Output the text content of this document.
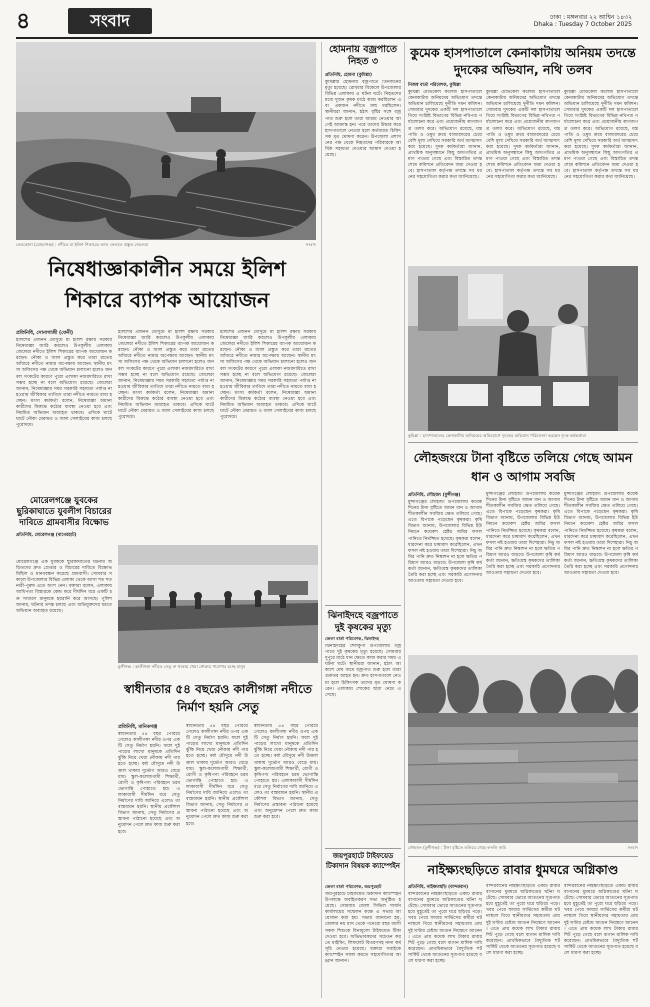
৪	সংবাদ	ঢাকা : মঙ্গলবার ২২ আশ্বিন ১৪৩২
Dhaka : Tuesday 7 October 2025
নেত্রকোনা (মোহনগঞ্জ) : নদীতে মা ইলিশ শিকারের জাল ফেলতে প্রস্তুত জেলেরা	সংবাদ
নিষেধাজ্ঞাকালীন সময়ে ইলিশ শিকারে ব্যাপক আয়োজন
প্রতিনিধি, সোনাগাজী (ফেনী)
ইলিশের প্রজনন মৌসুমে মা ইলিশ রক্ষায় সরকার নিষেধাজ্ঞা জারি করলেও উপকূলীয় এলাকায় জেলেরা নদীতে ইলিশ শিকারের ব্যাপক আয়োজন করছেন। নৌকা ও জাল প্রস্তুত করে তারা রাতের আঁধারে নদীতে নামার অপেক্ষায় আছেন। স্থানীয় মৎস্য অফিসের পক্ষ থেকে অভিযান চালানো হলেও জনবল সংকটের কারণে পুরো এলাকা নজরদারিতে রাখা সম্ভব হচ্ছে না বলে অভিযোগ রয়েছে। জেলেরা জানান, নিষেধাজ্ঞার সময় সরকারি সহায়তা পর্যাপ্ত না হওয়ায় জীবিকার তাগিদে তারা নদীতে নামতে বাধ্য হচ্ছেন। মৎস্য কর্মকর্তা বলেন, নিষেধাজ্ঞা অমান্যকারীদের বিরুদ্ধে কঠোর ব্যবস্থা নেওয়া হবে এবং নিয়মিত অভিযান অব্যাহত থাকবে। এদিকে ঘাটে ঘাটে নৌকা মেরামত ও জাল সেলাইয়ের কাজ চলছে পুরোদমে।
ইলিশের প্রজনন মৌসুমে মা ইলিশ রক্ষায় সরকার নিষেধাজ্ঞা জারি করলেও উপকূলীয় এলাকায় জেলেরা নদীতে ইলিশ শিকারের ব্যাপক আয়োজন করছেন। নৌকা ও জাল প্রস্তুত করে তারা রাতের আঁধারে নদীতে নামার অপেক্ষায় আছেন। স্থানীয় মৎস্য অফিসের পক্ষ থেকে অভিযান চালানো হলেও জনবল সংকটের কারণে পুরো এলাকা নজরদারিতে রাখা সম্ভব হচ্ছে না বলে অভিযোগ রয়েছে। জেলেরা জানান, নিষেধাজ্ঞার সময় সরকারি সহায়তা পর্যাপ্ত না হওয়ায় জীবিকার তাগিদে তারা নদীতে নামতে বাধ্য হচ্ছেন। মৎস্য কর্মকর্তা বলেন, নিষেধাজ্ঞা অমান্যকারীদের বিরুদ্ধে কঠোর ব্যবস্থা নেওয়া হবে এবং নিয়মিত অভিযান অব্যাহত থাকবে। এদিকে ঘাটে ঘাটে নৌকা মেরামত ও জাল সেলাইয়ের কাজ চলছে পুরোদমে।
ইলিশের প্রজনন মৌসুমে মা ইলিশ রক্ষায় সরকার নিষেধাজ্ঞা জারি করলেও উপকূলীয় এলাকায় জেলেরা নদীতে ইলিশ শিকারের ব্যাপক আয়োজন করছেন। নৌকা ও জাল প্রস্তুত করে তারা রাতের আঁধারে নদীতে নামার অপেক্ষায় আছেন। স্থানীয় মৎস্য অফিসের পক্ষ থেকে অভিযান চালানো হলেও জনবল সংকটের কারণে পুরো এলাকা নজরদারিতে রাখা সম্ভব হচ্ছে না বলে অভিযোগ রয়েছে। জেলেরা জানান, নিষেধাজ্ঞার সময় সরকারি সহায়তা পর্যাপ্ত না হওয়ায় জীবিকার তাগিদে তারা নদীতে নামতে বাধ্য হচ্ছেন। মৎস্য কর্মকর্তা বলেন, নিষেধাজ্ঞা অমান্যকারীদের বিরুদ্ধে কঠোর ব্যবস্থা নেওয়া হবে এবং নিয়মিত অভিযান অব্যাহত থাকবে। এদিকে ঘাটে ঘাটে নৌকা মেরামত ও জাল সেলাইয়ের কাজ চলছে পুরোদমে।
মোরেলগঞ্জে যুবকের ছুরিকাঘাতে যুবলীগ বিচারের দাবিতে গ্রামবাসীর বিক্ষোভ
প্রতিনিধি, মোরেলগঞ্জ (বাগেরহাট)
মোরেলগঞ্জে এক যুবককে ছুরিকাঘাতের ঘটনায় জড়িতদের দ্রুত গ্রেপ্তার ও বিচারের দাবিতে বিক্ষোভ মিছিল ও মানববন্ধন করেছে গ্রামবাসী। সোমবার সকালে উপজেলার বিভিন্ন এলাকা থেকে আসা শত শত নারী-পুরুষ এতে অংশ নেন। বক্তারা বলেন, এলাকায় আধিপত্য বিস্তারকে কেন্দ্র করে দীর্ঘদিন ধরে একটি চক্র সাধারণ মানুষকে হয়রানি করে আসছে। পুলিশ জানায়, ঘটনার তদন্ত চলছে এবং অভিযুক্তদের ধরতে অভিযান অব্যাহত রয়েছে।
মুন্সীগঞ্জ : কালীগঙ্গা নদীতে সেতু না থাকায় খেয়া নৌকায় পারাপার হচ্ছে মানুষ
স্বাধীনতার ৫৪ বছরেও কালীগঙ্গা নদীতে নির্মাণ হয়নি সেতু
প্রতিনিধি, মানিকগঞ্জ
স্বাধীনতার ৫৪ বছর পেরিয়ে গেলেও কালীগঙ্গা নদীর ওপর একটি সেতু নির্মাণ হয়নি। ফলে দুই পাড়ের লাখো মানুষকে প্রতিদিন ঝুঁকি নিয়ে খেয়া নৌকায় নদী পার হতে হচ্ছে। বর্ষা মৌসুমে নদী উত্তাল থাকায় দুর্ভোগ আরও বেড়ে যায়। স্কুল-কলেজগামী শিক্ষার্থী, রোগী ও কৃষিপণ্য পরিবহনে চরম ভোগান্তি পোহাতে হয়। এলাকাবাসী দীর্ঘদিন ধরে সেতু নির্মাণের দাবি জানিয়ে এলেও তা বাস্তবায়ন হয়নি। স্থানীয় প্রকৌশল বিভাগ জানায়, সেতু নির্মাণের প্রস্তাবনা পাঠানো হয়েছে এবং অনুমোদন পেলে দ্রুত কাজ শুরু করা হবে।
স্বাধীনতার ৫৪ বছর পেরিয়ে গেলেও কালীগঙ্গা নদীর ওপর একটি সেতু নির্মাণ হয়নি। ফলে দুই পাড়ের লাখো মানুষকে প্রতিদিন ঝুঁকি নিয়ে খেয়া নৌকায় নদী পার হতে হচ্ছে। বর্ষা মৌসুমে নদী উত্তাল থাকায় দুর্ভোগ আরও বেড়ে যায়। স্কুল-কলেজগামী শিক্ষার্থী, রোগী ও কৃষিপণ্য পরিবহনে চরম ভোগান্তি পোহাতে হয়। এলাকাবাসী দীর্ঘদিন ধরে সেতু নির্মাণের দাবি জানিয়ে এলেও তা বাস্তবায়ন হয়নি। স্থানীয় প্রকৌশল বিভাগ জানায়, সেতু নির্মাণের প্রস্তাবনা পাঠানো হয়েছে এবং অনুমোদন পেলে দ্রুত কাজ শুরু করা হবে।
স্বাধীনতার ৫৪ বছর পেরিয়ে গেলেও কালীগঙ্গা নদীর ওপর একটি সেতু নির্মাণ হয়নি। ফলে দুই পাড়ের লাখো মানুষকে প্রতিদিন ঝুঁকি নিয়ে খেয়া নৌকায় নদী পার হতে হচ্ছে। বর্ষা মৌসুমে নদী উত্তাল থাকায় দুর্ভোগ আরও বেড়ে যায়। স্কুল-কলেজগামী শিক্ষার্থী, রোগী ও কৃষিপণ্য পরিবহনে চরম ভোগান্তি পোহাতে হয়। এলাকাবাসী দীর্ঘদিন ধরে সেতু নির্মাণের দাবি জানিয়ে এলেও তা বাস্তবায়ন হয়নি। স্থানীয় প্রকৌশল বিভাগ জানায়, সেতু নির্মাণের প্রস্তাবনা পাঠানো হয়েছে এবং অনুমোদন পেলে দ্রুত কাজ শুরু করা হবে।
হোমনায় বজ্রপাতে নিহত ৩
প্রতিনিধি, হোমনা (কুমিল্লা)
কুমিল্লার হোমনায় বজ্রপাতে তিনজনের মৃত্যু হয়েছে। রোববার বিকেলে উপজেলার বিভিন্ন এলাকায় এ ঘটনা ঘটে। নিহতদের মধ্যে দুজন কৃষক মাঠে কাজ করছিলেন এবং একজন নদীতে মাছ ধরছিলেন। স্থানীয়রা জানান, হঠাৎ বৃষ্টির সঙ্গে বজ্রপাত শুরু হলে তারা আশ্রয় নেওয়ার আগেই আক্রান্ত হন। পরে তাদের উদ্ধার করে হাসপাতালে নেওয়া হলে কর্তব্যরত চিকিৎসক মৃত ঘোষণা করেন। উপজেলা প্রশাসনের পক্ষ থেকে নিহতদের পরিবারকে আর্থিক সহায়তা দেওয়ার আশ্বাস দেওয়া হয়েছে।
ঝিনাইদহে বজ্রপাতে দুই কৃষকের মৃত্যু
জেলা বার্তা পরিবেশক, ঝিনাইদহ
ঝিনাইদহের শৈলকুপা উপজেলায় বজ্রপাতে দুই কৃষকের মৃত্যু হয়েছে। সোমবার দুপুরে মাঠে ধান ক্ষেতে কাজ করার সময় এ ঘটনা ঘটে। স্থানীয়রা জানান, হঠাৎ আকাশে মেঘ জমে বজ্রপাত শুরু হলে তারা গুরুতর আহত হন। দ্রুত হাসপাতালে নেওয়া হলে চিকিৎসক তাদের মৃত ঘোষণা করেন। এলাকায় শোকের ছায়া নেমে এসেছে।
জয়পুরহাটে টাইফয়েড টিকাদান বিষয়ক ক্যাম্পেইন
জেলা বার্তা পরিবেশক, জয়পুরহাট
জয়পুরহাটে টাইফয়েড টিকাদান ক্যাম্পেইন উপলক্ষে অবহিতকরণ সভা অনুষ্ঠিত হয়েছে। সোমবার জেলা সিভিল সার্জন কার্যালয়ের সম্মেলন কক্ষে এ সভার আয়োজন করা হয়। সভায় জানানো হয়, জেলার নয় মাস থেকে পনেরো বছর বয়সী সকল শিশুকে বিনামূল্যে টাইফয়েড টিকা দেওয়া হবে। অভিভাবকদের সচেতন করতে মাইকিং, লিফলেট বিতরণসহ নানা কর্মসূচি নেওয়া হয়েছে। বক্তারা সবাইকে ক্যাম্পেইন সফল করতে সহযোগিতার আহ্বান জানান।
কুমেক হাসপাতালে কেনাকাটায় অনিয়ম তদন্তে দুদকের অভিযান, নথি তলব
নিজস্ব বার্তা পরিবেশক, কুমিল্লা
কুমিল্লা মেডিকেল কলেজ হাসপাতালে কেনাকাটায় অনিয়মের অভিযোগ তদন্তে অভিযান চালিয়েছে দুর্নীতি দমন কমিশন। সোমবার দুদকের একটি দল হাসপাতালে গিয়ে সংশ্লিষ্ট বিভাগের বিভিন্ন নথিপত্র পর্যালোচনা করে এবং প্রয়োজনীয় কাগজপত্র তলব করে। অভিযোগ রয়েছে, যন্ত্রপাতি ও ওষুধ ক্রয়ে বাজারদরের চেয়ে বেশি মূল্য দেখিয়ে সরকারি অর্থ আত্মসাৎ করা হয়েছে। দুদক কর্মকর্তারা জানান, প্রাথমিক অনুসন্ধানে কিছু অসংগতির প্রমাণ পাওয়া গেছে এবং বিস্তারিত তদন্ত শেষে কমিশনে প্রতিবেদন জমা দেওয়া হবে। হাসপাতাল কর্তৃপক্ষ তদন্তে সব ধরনের সহযোগিতা করার কথা জানিয়েছে।
কুমিল্লা মেডিকেল কলেজ হাসপাতালে কেনাকাটায় অনিয়মের অভিযোগ তদন্তে অভিযান চালিয়েছে দুর্নীতি দমন কমিশন। সোমবার দুদকের একটি দল হাসপাতালে গিয়ে সংশ্লিষ্ট বিভাগের বিভিন্ন নথিপত্র পর্যালোচনা করে এবং প্রয়োজনীয় কাগজপত্র তলব করে। অভিযোগ রয়েছে, যন্ত্রপাতি ও ওষুধ ক্রয়ে বাজারদরের চেয়ে বেশি মূল্য দেখিয়ে সরকারি অর্থ আত্মসাৎ করা হয়েছে। দুদক কর্মকর্তারা জানান, প্রাথমিক অনুসন্ধানে কিছু অসংগতির প্রমাণ পাওয়া গেছে এবং বিস্তারিত তদন্ত শেষে কমিশনে প্রতিবেদন জমা দেওয়া হবে। হাসপাতাল কর্তৃপক্ষ তদন্তে সব ধরনের সহযোগিতা করার কথা জানিয়েছে।
কুমিল্লা মেডিকেল কলেজ হাসপাতালে কেনাকাটায় অনিয়মের অভিযোগ তদন্তে অভিযান চালিয়েছে দুর্নীতি দমন কমিশন। সোমবার দুদকের একটি দল হাসপাতালে গিয়ে সংশ্লিষ্ট বিভাগের বিভিন্ন নথিপত্র পর্যালোচনা করে এবং প্রয়োজনীয় কাগজপত্র তলব করে। অভিযোগ রয়েছে, যন্ত্রপাতি ও ওষুধ ক্রয়ে বাজারদরের চেয়ে বেশি মূল্য দেখিয়ে সরকারি অর্থ আত্মসাৎ করা হয়েছে। দুদক কর্মকর্তারা জানান, প্রাথমিক অনুসন্ধানে কিছু অসংগতির প্রমাণ পাওয়া গেছে এবং বিস্তারিত তদন্ত শেষে কমিশনে প্রতিবেদন জমা দেওয়া হবে। হাসপাতাল কর্তৃপক্ষ তদন্তে সব ধরনের সহযোগিতা করার কথা জানিয়েছে।
কুমিল্লা : হাসপাতালের কেনাকাটায় অনিয়মের অভিযোগে দুদকের অভিযান পরিচালনা করছেন দুদক কর্মকর্তারা
লৌহজংয়ে টানা বৃষ্টিতে তলিয়ে গেছে আমন ধান ও আগাম সবজি
প্রতিনিধি, লৌহজং (মুন্সীগঞ্জ)
মুন্সীগঞ্জের লৌহজং উপজেলায় কয়েকদিনের টানা বৃষ্টিতে আমন ধান ও আগাম শীতকালীন সবজির ক্ষেত তলিয়ে গেছে। এতে বিপাকে পড়েছেন কৃষকরা। কৃষি বিভাগ জানায়, উপজেলার বিভিন্ন ইউনিয়নে কয়েকশ হেক্টর জমির ফসল পানিতে নিমজ্জিত হয়েছে। কৃষকরা বলেন, ধারদেনা করে চাষাবাদ করেছিলেন, এখন ফসল নষ্ট হওয়ায় তারা দিশেহারা। নিচু জমির পানি দ্রুত নিষ্কাশন না হলে ক্ষতির পরিমাণ আরও বাড়বে। উপজেলা কৃষি কর্মকর্তা জানান, ক্ষতিগ্রস্ত কৃষকদের তালিকা তৈরি করা হচ্ছে এবং সরকারি প্রণোদনার আওতায় সহায়তা দেওয়া হবে।
মুন্সীগঞ্জের লৌহজং উপজেলায় কয়েকদিনের টানা বৃষ্টিতে আমন ধান ও আগাম শীতকালীন সবজির ক্ষেত তলিয়ে গেছে। এতে বিপাকে পড়েছেন কৃষকরা। কৃষি বিভাগ জানায়, উপজেলার বিভিন্ন ইউনিয়নে কয়েকশ হেক্টর জমির ফসল পানিতে নিমজ্জিত হয়েছে। কৃষকরা বলেন, ধারদেনা করে চাষাবাদ করেছিলেন, এখন ফসল নষ্ট হওয়ায় তারা দিশেহারা। নিচু জমির পানি দ্রুত নিষ্কাশন না হলে ক্ষতির পরিমাণ আরও বাড়বে। উপজেলা কৃষি কর্মকর্তা জানান, ক্ষতিগ্রস্ত কৃষকদের তালিকা তৈরি করা হচ্ছে এবং সরকারি প্রণোদনার আওতায় সহায়তা দেওয়া হবে।
মুন্সীগঞ্জের লৌহজং উপজেলায় কয়েকদিনের টানা বৃষ্টিতে আমন ধান ও আগাম শীতকালীন সবজির ক্ষেত তলিয়ে গেছে। এতে বিপাকে পড়েছেন কৃষকরা। কৃষি বিভাগ জানায়, উপজেলার বিভিন্ন ইউনিয়নে কয়েকশ হেক্টর জমির ফসল পানিতে নিমজ্জিত হয়েছে। কৃষকরা বলেন, ধারদেনা করে চাষাবাদ করেছিলেন, এখন ফসল নষ্ট হওয়ায় তারা দিশেহারা। নিচু জমির পানি দ্রুত নিষ্কাশন না হলে ক্ষতির পরিমাণ আরও বাড়বে। উপজেলা কৃষি কর্মকর্তা জানান, ক্ষতিগ্রস্ত কৃষকদের তালিকা তৈরি করা হচ্ছে এবং সরকারি প্রণোদনার আওতায় সহায়তা দেওয়া হবে।
লৌহজং (মুন্সীগঞ্জ) : টানা বৃষ্টিতে তলিয়ে গেছে ফসলি জমি	সংবাদ
নাইক্ষ্যংছড়িতে রাবার ধুমঘরে অগ্নিকাণ্ড
প্রতিনিধি, নাইক্ষ্যংছড়ি (বান্দরবান)
বান্দরবানের নাইক্ষ্যংছড়িতে একটি রাবার বাগানের ধুমঘরে অগ্নিকাণ্ডের ঘটনা ঘটেছে। সোমবার ভোরে আগুনের সূত্রপাত হয়ে মুহূর্তেই তা পুরো ঘরে ছড়িয়ে পড়ে। খবর পেয়ে ফায়ার সার্ভিসের কর্মীরা ঘটনাস্থলে গিয়ে স্থানীয়দের সহায়তায় প্রায় দুই ঘণ্টার চেষ্টায় আগুন নিয়ন্ত্রণে আনেন। এতে প্রায় কয়েক লাখ টাকার রাবার শিট পুড়ে গেছে বলে বাগান মালিক দাবি করেছেন। প্রাথমিকভাবে বৈদ্যুতিক শর্টসার্কিট থেকে আগুনের সূত্রপাত হয়েছে বলে ধারণা করা হচ্ছে।
বান্দরবানের নাইক্ষ্যংছড়িতে একটি রাবার বাগানের ধুমঘরে অগ্নিকাণ্ডের ঘটনা ঘটেছে। সোমবার ভোরে আগুনের সূত্রপাত হয়ে মুহূর্তেই তা পুরো ঘরে ছড়িয়ে পড়ে। খবর পেয়ে ফায়ার সার্ভিসের কর্মীরা ঘটনাস্থলে গিয়ে স্থানীয়দের সহায়তায় প্রায় দুই ঘণ্টার চেষ্টায় আগুন নিয়ন্ত্রণে আনেন। এতে প্রায় কয়েক লাখ টাকার রাবার শিট পুড়ে গেছে বলে বাগান মালিক দাবি করেছেন। প্রাথমিকভাবে বৈদ্যুতিক শর্টসার্কিট থেকে আগুনের সূত্রপাত হয়েছে বলে ধারণা করা হচ্ছে।
বান্দরবানের নাইক্ষ্যংছড়িতে একটি রাবার বাগানের ধুমঘরে অগ্নিকাণ্ডের ঘটনা ঘটেছে। সোমবার ভোরে আগুনের সূত্রপাত হয়ে মুহূর্তেই তা পুরো ঘরে ছড়িয়ে পড়ে। খবর পেয়ে ফায়ার সার্ভিসের কর্মীরা ঘটনাস্থলে গিয়ে স্থানীয়দের সহায়তায় প্রায় দুই ঘণ্টার চেষ্টায় আগুন নিয়ন্ত্রণে আনেন। এতে প্রায় কয়েক লাখ টাকার রাবার শিট পুড়ে গেছে বলে বাগান মালিক দাবি করেছেন। প্রাথমিকভাবে বৈদ্যুতিক শর্টসার্কিট থেকে আগুনের সূত্রপাত হয়েছে বলে ধারণা করা হচ্ছে।
